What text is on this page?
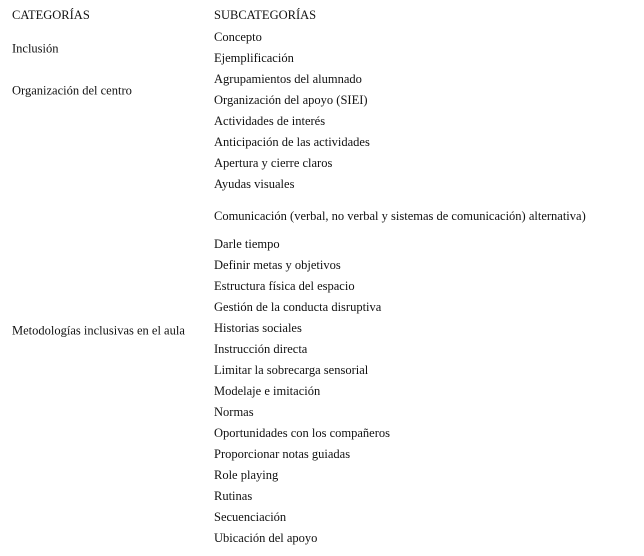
CATEGORÍAS	SUBCATEGORÍAS
Inclusión
Concepto
Ejemplificación
Organización del centro
Agrupamientos del alumnado
Organización del apoyo (SIEI)
Metodologías inclusivas en el aula
Actividades de interés
Anticipación de las actividades
Apertura y cierre claros
Ayudas visuales
Comunicación (verbal, no verbal y sistemas de comunicación) alternativa)
Darle tiempo
Definir metas y objetivos
Estructura física del espacio
Gestión de la conducta disruptiva
Historias sociales
Instrucción directa
Limitar la sobrecarga sensorial
Modelaje e imitación
Normas
Oportunidades con los compañeros
Proporcionar notas guiadas
Role playing
Rutinas
Secuenciación
Ubicación del apoyo
